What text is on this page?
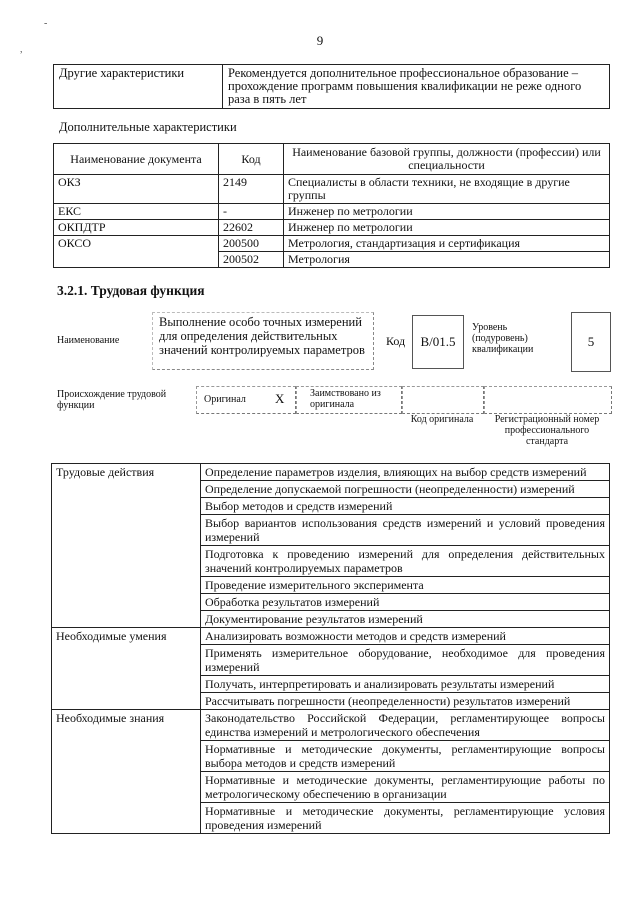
-
,
9
Другие характеристики	Рекомендуется дополнительное профессиональное образование – прохождение программ повышения квалификации не реже одного раза в пять лет
Дополнительные характеристики
Наименование документа	Код	Наименование базовой группы, должности (профессии) или специальности
ОКЗ	2149	Специалисты в области техники, не входящие в другие группы
ЕКС	-	Инженер по метрологии
ОКПДТР	22602	Инженер по метрологии
ОКСО	200500	Метрология, стандартизация и сертификация
	200502	Метрология
3.2.1. Трудовая функция
Наименование
Выполнение особо точных измерений для определения действительных значений контролируемых параметров
Код	B/01.5
Уровень (подуровень) квалификации
5
Происхождение трудовой функции
Оригинал X	Заимствовано из оригинала
Код оригинала	Регистрационный номер профессионального стандарта
Трудовые действия	Определение параметров изделия, влияющих на выбор средств измерений
	Определение допускаемой погрешности (неопределенности) измерений
	Выбор методов и средств измерений
	Выбор вариантов использования средств измерений и условий проведения измерений
	Подготовка к проведению измерений для определения действительных значений контролируемых параметров
	Проведение измерительного эксперимента
	Обработка результатов измерений
	Документирование результатов измерений
Необходимые умения	Анализировать возможности методов и средств измерений
	Применять измерительное оборудование, необходимое для проведения измерений
	Получать, интерпретировать и анализировать результаты измерений
	Рассчитывать погрешности (неопределенности) результатов измерений
Необходимые знания	Законодательство Российской Федерации, регламентирующее вопросы единства измерений и метрологического обеспечения
	Нормативные и методические документы, регламентирующие вопросы выбора методов и средств измерений
	Нормативные и методические документы, регламентирующие работы по метрологическому обеспечению в организации
	Нормативные и методические документы, регламентирующие условия проведения измерений
